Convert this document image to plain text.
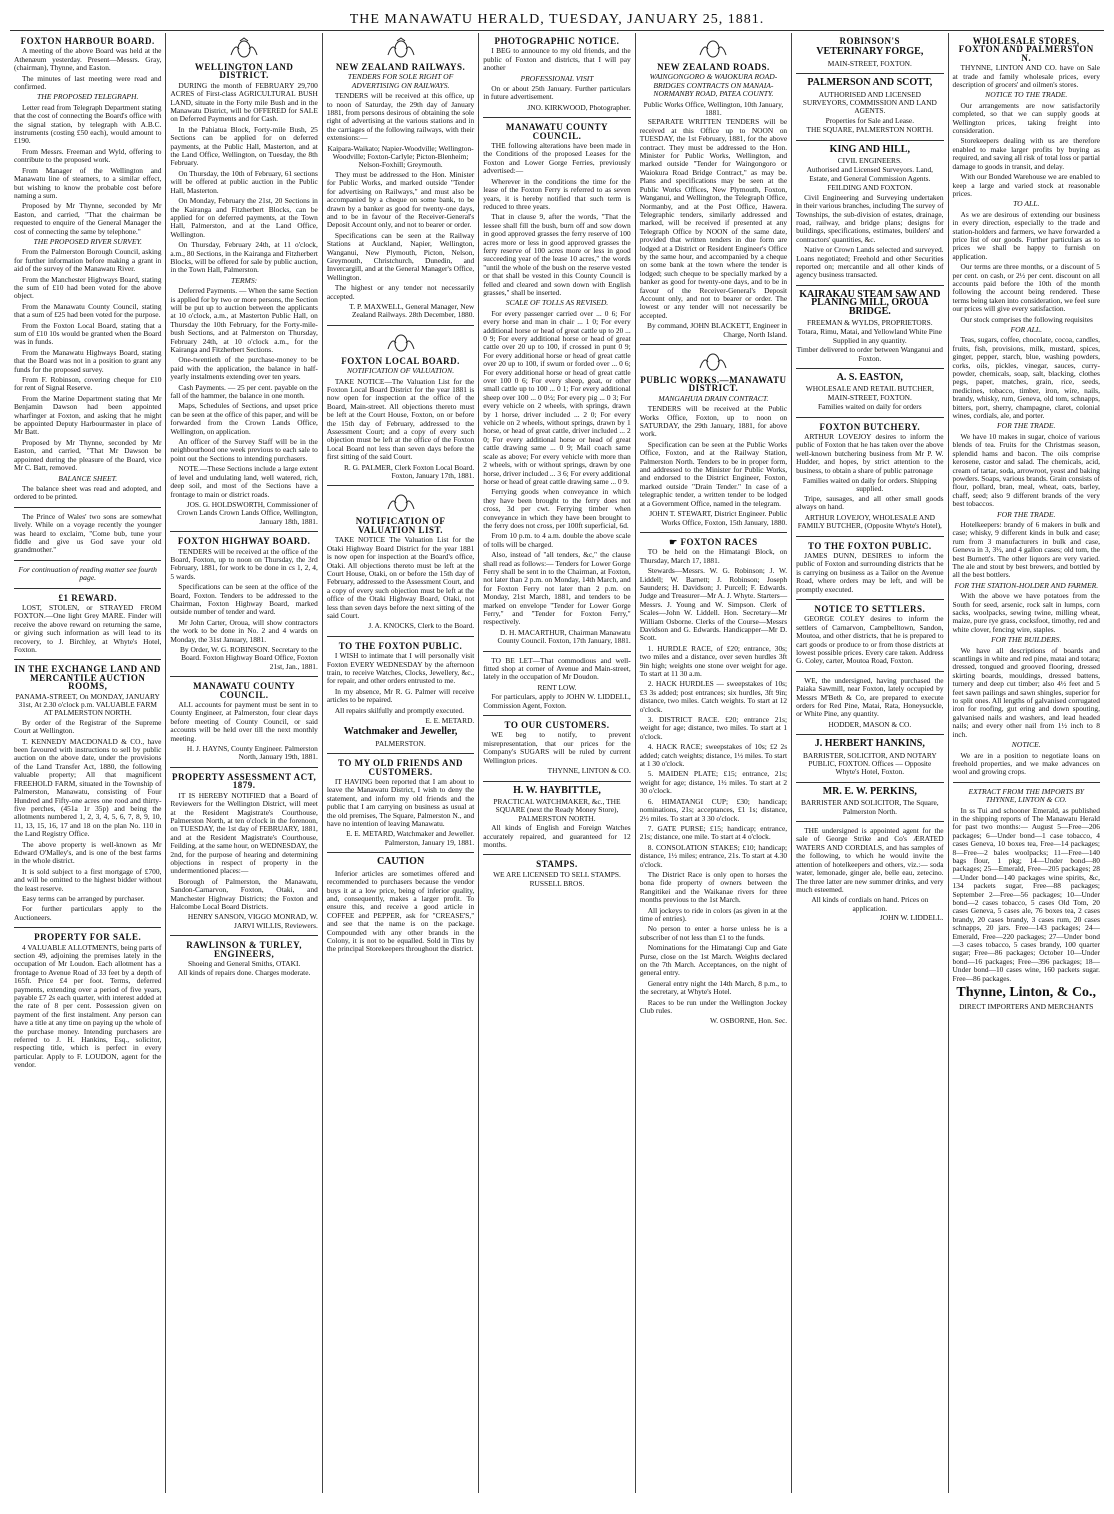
THE MANAWATU HERALD, TUESDAY, JANUARY 25, 1881.
FOXTON HARBOUR BOARD.

A meeting of the above Board was held at the Athenæum yesterday. Present—Messrs. Gray, (chairman), Thynne, and Easton.

The minutes of last meeting were read and confirmed.

THE PROPOSED TELEGRAPH.

Letter read from Telegraph Department stating that the cost of connecting the Board's office with the signal station, by telegraph with A.B.C. instruments (costing £50 each), would amount to £190.

From Messrs. Freeman and Wyld, offering to contribute to the proposed work.

From Manager of the Wellington and Manawatu line of steamers, to a similar effect, but wishing to know the probable cost before naming a sum.

Proposed by Mr Thynne, seconded by Mr Easton, and carried, "That the chairman be requested to enquire of the General Manager the cost of connecting the same by telephone."

THE PROPOSED RIVER SURVEY.

From the Palmerston Borough Council, asking for further information before making a grant in aid of the survey of the Manawatu River.

From the Manchester Highways Board, stating the sum of £10 had been voted for the above object.

From the Manawatu County Council, stating that a sum of £25 had been voted for the purpose.

From the Foxton Local Board, stating that a sum of £10 10s would be granted when the Board was in funds.

From the Manawatu Highways Board, stating that the Board was not in a position to grant any funds for the proposed survey.

From F. Robinson, covering cheque for £10 for rent of Signal Reserve.

From the Marine Department stating that Mr Benjamin Dawson had been appointed wharfinger at Foxton, and asking that he might be appointed Deputy Harbourmaster in place of Mr Batt.

Proposed by Mr Thynne, seconded by Mr Easton, and carried, "That Mr Dawson be appointed during the pleasure of the Board, vice Mr C. Batt, removed.

BALANCE SHEET.

The balance sheet was read and adopted, and ordered to be printed.

The Prince of Wales' two sons are somewhat lively. While on a voyage recently the younger was heard to exclaim, "Come bub, tune your fiddle and give us God save your old grandmother."

For continuation of reading matter see fourth page.

£1 REWARD.

LOST, STOLEN, or STRAYED FROM FOXTON.—One light Grey MARE. Finder will receive the above reward on returning the same, or giving such information as will lead to its recovery, to J. Birchley, at Whyte's Hotel, Foxton.

IN THE EXCHANGE LAND AND MERCANTILE AUCTION ROOMS,

PANAMA-STREET, On MONDAY, JANUARY 31st, At 2.30 o'clock p.m. VALUABLE FARM AT PALMERSTON NORTH.

By order of the Registrar of the Supreme Court at Wellington.

T. KENNEDY MACDONALD & CO., have been favoured with instructions to sell by public auction on the above date, under the provisions of the Land Transfer Act, 1880, the following valuable property; All that magnificent FREEHOLD FARM, situated in the Township of Palmerston, Manawatu, consisting of Four Hundred and Fifty-one acres one rood and thirty-five perches, (451a 1r 35p) and being the allotments numbered 1, 2, 3, 4, 5, 6, 7, 8, 9, 10, 11, 13, 15, 16, 17 and 18 on the plan No. 110 in the Land Registry Office.

The above property is well-known as Mr Edward O'Malley's, and is one of the best farms in the whole district.

It is sold subject to a first mortgage of £700, and will be omitted to the highest bidder without the least reserve.

Easy terms can be arranged by purchaser.

For further particulars apply to the Auctioneers.

PROPERTY FOR SALE.

4 VALUABLE ALLOTMENTS, being parts of section 49, adjoining the premises lately in the occupation of Mr Loudon. Each allotment has a frontage to Avenue Road of 33 feet by a depth of 165ft. Price £4 per foot. Terms, deferred payments, extending over a period of five years, payable £7 2s each quarter, with interest added at the rate of 8 per cent. Possession given on payment of the first instalment. Any person can have a title at any time on paying up the whole of the purchase money. Intending purchasers are referred to J. H. Hankins, Esq., solicitor, respecting title, which is perfect in every particular. Apply to F. LOUDON, agent for the vendor.

WELLINGTON LAND DISTRICT.

DURING the month of FEBRUARY 29,700 ACRES of First-class AGRICULTURAL BUSH LAND, situate in the Forty mile Bush and in the Manawatu District, will be OFFERED for SALE on Deferred Payments and for Cash.

In the Pahiatua Block, Forty-mile Bush, 25 Sections can be applied for on deferred payments, at the Public Hall, Masterton, and at the Land Office, Wellington, on Tuesday, the 8th February.

On Thursday, the 10th of February, 61 sections will be offered at public auction in the Public Hall, Masterton.

On Monday, February the 21st, 20 Sections in the Kairanga and Fitzherbert Blocks, can be applied for on deferred payments, at the Town Hall, Palmerston, and at the Land Office, Wellington.

On Thursday, February 24th, at 11 o'clock, a.m., 80 Sections, in the Kairanga and Fitzherbert Blocks, will be offered for sale by public auction, in the Town Hall, Palmerston.

TERMS:

Deferred Payments. — When the same Section is applied for by two or more persons, the Section will be put up to auction between the applicants at 10 o'clock, a.m., at Masterton Public Hall, on Thursday the 10th February, for the Forty-mile-bush Sections, and at Palmerston on Thursday, February 24th, at 10 o'clock a.m., for the Kairanga and Fitzherbert Sections.

One-twentieth of the purchase-money to be paid with the application, the balance in half-yearly instalments extending over ten years.

Cash Payments. — 25 per cent. payable on the fall of the hammer, the balance in one month.

Maps, Schedules of Sections, and upset price can be seen at the office of this paper, and will be forwarded from the Crown Lands Office, Wellington, on application.

An officer of the Survey Staff will be in the neighbourhood one week previous to each sale to point out the Sections to intending purchasers.

NOTE.—These Sections include a large extent of level and undulating land, well watered, rich, deep soil, and most of the Sections have a frontage to main or district roads.

JOS. G. HOLDSWORTH, Commissioner of Crown Lands Crown Lands Office, Wellington, January 18th, 1881.

FOXTON HIGHWAY BOARD.

TENDERS will be received at the office of the Board, Foxton, up to noon on Thursday, the 3rd February, 1881, for work to be done in cs 1, 2, 4, 5 wards.

Specifications can be seen at the office of the Board, Foxton. Tenders to be addressed to the Chairman, Foxton Highway Board, marked outside number of tender and ward.

Mr John Carter, Oroua, will show contractors the work to be done in No. 2 and 4 wards on Monday, the 31st January, 1881.

By Order, W. G. ROBINSON. Secretary to the Board. Foxton Highway Board Office, Foxton 21st, Jan., 1881.

MANAWATU COUNTY COUNCIL.

ALL accounts for payment must be sent in to County Engineer, at Palmerston, four clear days before meeting of County Council, or said accounts will be held over till the next monthly meeting.

H. J. HAYNS, County Engineer. Palmerston North, January 19th, 1881.

PROPERTY ASSESSMENT ACT, 1879.

IT IS HEREBY NOTIFIED that a Board of Reviewers for the Wellington District, will meet at the Resident Magistrate's Courthouse, Palmerston North, at ten o'clock in the forenoon, on TUESDAY, the 1st day of FEBRUARY, 1881, and at the Resident Magistrate's Courthouse, Feilding, at the same hour, on WEDNESDAY, the 2nd, for the purpose of hearing and determining objections in respect of property in the undermentioned places:—

Borough of Palmerston, the Manawatu, Sandon-Carnarvon, Foxton, Otaki, and Manchester Highway Districts; the Foxton and Halcombe Local Board Districts.

HENRY SANSON, VIGGO MONRAD, W. JARVI WILLIS, Reviewers.

RAWLINSON & TURLEY, ENGINEERS,

Shoeing and General Smiths, OTAKI.

All kinds of repairs done. Charges moderate.

NEW ZEALAND RAILWAYS.
TENDERS FOR SOLE RIGHT OF ADVERTISING ON RAILWAYS.

TENDERS will be received at this office, up to noon of Saturday, the 29th day of January 1881, from persons desirous of obtaining the sole right of advertising at the various stations and in the carriages of the following railways, with their extensions:—

Kaipara-Waikato; Napier-Woodville; Wellington-Woodville; Foxton-Carlyle; Picton-Blenheim; Nelson-Foxhill; Greymouth.

They must be addressed to the Hon. Minister for Public Works, and marked outside "Tender for advertising on Railways," and must also be accompanied by a cheque on some bank, to be drawn by a banker as good for twenty-one days, and to be in favour of the Receiver-General's Deposit Account only, and not to bearer or order.

Specifications can be seen at the Railway Stations at Auckland, Napier, Wellington, Wanganui, New Plymouth, Picton, Nelson, Greymouth, Christchurch, Dunedin, and Invercargill, and at the General Manager's Office, Wellington.

The highest or any tender not necessarily accepted.

T. P. MAXWELL, General Manager, New Zealand Railways. 28th December, 1880.

FOXTON LOCAL BOARD.
NOTIFICATION OF VALUATION.

TAKE NOTICE—The Valuation List for the Foxton Local Board District for the year 1881 is now open for inspection at the office of the Board, Main-street. All objections thereto must be left at the Court House, Foxton, on or before the 15th day of February, addressed to the Assessment Court; and a copy of every such objection must be left at the office of the Foxton Local Board not less than seven days before the first sitting of the said Court.

R. G. PALMER, Clerk Foxton Local Board. Foxton, January 17th, 1881.

NOTIFICATION OF VALUATION LIST.

TAKE NOTICE The Valuation List for the Otaki Highway Board District for the year 1881 is now open for inspection at the Board's office, Otaki. All objections thereto must be left at the Court House, Otaki, on or before the 15th day of February, addressed to the Assessment Court, and a copy of every such objection must be left at the office of the Otaki Highway Board, Otaki, not less than seven days before the next sitting of the said Court.

J. A. KNOCKS, Clerk to the Board.

TO THE FOXTON PUBLIC.

I WISH to intimate that I will personally visit Foxton EVERY WEDNESDAY by the afternoon train, to receive Watches, Clocks, Jewellery, &c., for repair, and other orders entrusted to me.

In my absence, Mr R. G. Palmer will receive articles to be repaired.

All repairs skilfully and promptly executed.

E. E. METARD.

Watchmaker and Jeweller,

PALMERSTON.

TO MY OLD FRIENDS AND CUSTOMERS.

IT HAVING been reported that I am about to leave the Manawatu District, I wish to deny the statement, and inform my old friends and the public that I am carrying on business as usual at the old premises, The Square, Palmerston N., and have no intention of leaving Manawatu.

E. E. METARD, Watchmaker and Jeweller. Palmerston, January 19, 1881.

CAUTION

Inferior articles are sometimes offered and recommended to purchasers because the vendor buys it at a low price, being of inferior quality, and, consequently, makes a larger profit. To ensure this, and receive a good article in COFFEE and PEPPER, ask for "CREASE'S," and see that the name is on the package. Compounded with any other brands in the Colony, it is not to be equalled. Sold in Tins by the principal Storekeepers throughout the district.

PHOTOGRAPHIC NOTICE.

I BEG to announce to my old friends, and the public of Foxton and districts, that I will pay another

PROFESSIONAL VISIT

On or about 25th January. Further particulars in future advertisement.

JNO. KIRKWOOD, Photographer.

MANAWATU COUNTY COUNCIL.

THE following alterations have been made in the Conditions of the proposed Leases for the Foxton and Lower Gorge Ferries, previously advertised:—

Wherever in the conditions the time for the lease of the Foxton Ferry is referred to as seven years, it is hereby notified that such term is reduced to three years.

That in clause 9, after the words, "That the lessee shall fill the bush, burn off and sow down in good approved grasses the ferry reserve of 100 acres more or less in good approved grasses the ferry reserve of 100 acres more or less in good succeeding year of the lease 10 acres," the words "until the whole of the bush on the reserve vested or that shall be vested in this County Council is felled and cleared and sown down with English grasses," shall be inserted.

SCALE OF TOLLS AS REVISED.

For every passenger carried over ... 0 6; For every horse and man in chair ... 1 0; For every additional horse or head of great cattle up to 20 ... 0 9; For every additional horse or head of great cattle over 20 up to 100, if crossed in punt 0 9; For every additional horse or head of great cattle over 20 up to 100, if swum or forded over ... 0 6; For every additional horse or head of great cattle over 100 0 6; For every sheep, goat, or other small cattle up to 100 ... 0 1; For every additional sheep over 100 ... 0 0½; For every pig ... 0 3; For every vehicle on 2 wheels, with springs, drawn by 1 horse, driver included ... 2 0; For every vehicle on 2 wheels, without springs, drawn by 1 horse, or head of great cattle, driver included ... 2 0; For every additional horse or head of great cattle drawing same ... 0 9; Mail coach same scale as above; For every vehicle with more than 2 wheels, with or without springs, drawn by one horse, driver included ... 3 6; For every additional horse or head of great cattle drawing same ... 0 9.

Ferrying goods when conveyance in which they have been brought to the ferry does not cross, 3d per cwt. Ferrying timber when conveyance in which they have been brought to the ferry does not cross, per 100ft superficial, 6d.

From 10 p.m. to 4 a.m. double the above scale of tolls will be charged.

Also, instead of "all tenders, &c," the clause shall read as follows:— Tenders for Lower Gorge Ferry shall be sent in to the Chairman, at Foxton, not later than 2 p.m. on Monday, 14th March, and for Foxton Ferry not later than 2 p.m. on Monday, 21st March, 1881, and tenders to be marked on envelope "Tender for Lower Gorge Ferry," and "Tender for Foxton Ferry," respectively.

D. H. MACARTHUR, Chairman Manawatu County Council. Foxton, 17th January, 1881.

TO BE LET—That commodious and well-fitted shop at corner of Avenue and Main-street, lately in the occupation of Mr Doudon.

RENT LOW.

For particulars, apply to JOHN W. LIDDELL, Commission Agent, Foxton.

TO OUR CUSTOMERS.

WE beg to notify, to prevent misrepresentation, that our prices for the Company's SUGARS will be ruled by current Wellington prices.

THYNNE, LINTON & CO.

H. W. HAYBITTLE,

PRACTICAL WATCHMAKER, &c., THE SQUARE (next the Ready Money Store), PALMERSTON NORTH.

All kinds of English and Foreign Watches accurately repaired, and guaranteed for 12 months.

STAMPS.

WE ARE LICENSED TO SELL STAMPS.

RUSSELL BROS.

NEW ZEALAND ROADS.
WAINGONGORO & WAIOKURA ROAD-BRIDGES CONTRACTS ON MANAIA-NORMANBY ROAD, PATEA COUNTY.

Public Works Office, Wellington, 10th January, 1881.

SEPARATE WRITTEN TENDERS will be received at this Office up to NOON on TUESDAY, the 1st February, 1881, for the above contract. They must be addressed to the Hon. Minister for Public Works, Wellington, and marked outside "Tender for Waingongoro or Waiokura Road Bridge Contract," as may be. Plans and specifications may be seen at the Public Works Offices, New Plymouth, Foxton, Wanganui, and Wellington, the Telegraph Office, Normanby, and at the Post Office, Hawera. Telegraphic tenders, similarly addressed and marked, will be received if presented at any Telegraph Office by NOON of the same date, provided that written tenders in due form are lodged at a District or Resident Engineer's Office by the same hour, and accompanied by a cheque on some bank at the town where the tender is lodged; such cheque to be specially marked by a banker as good for twenty-one days, and to be in favour of the Receiver-General's Deposit Account only, and not to bearer or order. The lowest or any tender will not necessarily be accepted.

By command, JOHN BLACKETT, Engineer in Charge, North Island.

PUBLIC WORKS.—MANAWATU DISTRICT.
MANGAHUIA DRAIN CONTRACT.

TENDERS will be received at the Public Works Office, Foxton, up to noon on SATURDAY, the 29th January, 1881, for above work.

Specification can be seen at the Public Works Office, Foxton, and at the Railway Station, Palmerston North. Tenders to be in proper form, and addressed to the Minister for Public Works, and endorsed to the District Engineer, Foxton, marked outside "Drain Tender." In case of a telegraphic tender, a written tender to be lodged at a Government Office, named in the telegram.

JOHN T. STEWART, District Engineer. Public Works Office, Foxton, 15th January, 1880.

☛ FOXTON RACES

TO be held on the Himatangi Block, on Thursday, March 17, 1881.

Stewards—Messrs. W. G. Robinson; J. W. Liddell; W. Barnett; J. Robinson; Joseph Saunders; H. Davidson; J. Purcell; F. Edwards. Judge and Treasurer—Mr A. J. Whyte. Starters—Messrs. J. Young and W. Simpson. Clerk of Scales—John W. Liddell. Hon. Secretary—Mr William Osborne. Clerks of the Course—Messrs Davidson and G. Edwards. Handicapper—Mr D. Scott.

1. HURDLE RACE, of £20; entrance, 30s; two miles and a distance, over seven hurdles 3ft 9in high; weights one stone over weight for age. To start at 11 30 a.m.

2. HACK HURDLES — sweepstakes of 10s; £3 3s added; post entrances; six hurdles, 3ft 9in; distance, two miles. Catch weights. To start at 12 o'clock.

3. DISTRICT RACE. £20; entrance 21s; weight for age; distance, two miles. To start at 1 o'clock.

4. HACK RACE; sweepstakes of 10s; £2 2s added; catch weights; distance, 1½ miles. To start at 1 30 o'clock.

5. MAIDEN PLATE; £15; entrance, 21s; weight for age; distance, 1½ miles. To start at 2 30 o'clock.

6. HIMATANGI CUP; £30; handicap; nominations, 21s; acceptances, £1 1s; distance, 2½ miles. To start at 3 30 o'clock.

7. GATE PURSE; £15; handicap; entrance, 21s; distance, one mile. To start at 4 o'clock.

8. CONSOLATION STAKES; £10; handicap; distance, 1½ miles; entrance, 21s. To start at 4.30 o'clock.

The District Race is only open to horses the bona fide property of owners between the Rangitikei and the Waikanae rivers for three months previous to the 1st March.

All jockeys to ride in colors (as given in at the time of entries).

No person to enter a horse unless he is a subscriber of not less than £1 to the funds.

Nominations for the Himatangi Cup and Gate Purse, close on the 1st March. Weights declared on the 7th March. Acceptances, on the night of general entry.

General entry night the 14th March, 8 p.m., to the secretary, at Whyte's Hotel.

Races to be run under the Wellington Jockey Club rules.

W. OSBORNE, Hon. Sec.

ROBINSON'S
VETERINARY FORGE,

MAIN-STREET, FOXTON.

PALMERSON AND SCOTT,

AUTHORISED AND LICENSED SURVEYORS, COMMISSION AND LAND AGENTS.

Properties for Sale and Lease.

THE SQUARE, PALMERSTON NORTH.

KING AND HILL,

CIVIL ENGINEERS.

Authorised and Licensed Surveyors. Land, Estate, and General Commission Agents.

FEILDING AND FOXTON.

Civil Engineering and Surveying undertaken in their various branches, including The survey of Townships, the sub-division of estates, drainage, road, railway, and bridge plans; designs for buildings, specifications, estimates, builders' and contractors' quantities, &c.

Native or Crown Lands selected and surveyed. Loans negotiated; Freehold and other Securities reported on; mercantile and all other kinds of agency business transacted.

KAIRAKAU STEAM SAW AND PLANING MILL, OROUA BRIDGE.

FREEMAN & WYLDS, PROPRIETORS.

Totara, Rimu, Matai, and Yellowland White Pine Supplied in any quantity.

Timber delivered to order between Wanganui and Foxton.

A. S. EASTON,

WHOLESALE AND RETAIL BUTCHER, MAIN-STREET, FOXTON.

Families waited on daily for orders

FOXTON BUTCHERY.

ARTHUR LOVEJOY desires to inform the public of Foxton that he has taken over the above well-known butchering business from Mr P. W. Hudder, and hopes, by strict attention to the business, to obtain a share of public patronage

Families waited on daily for orders. Shipping supplied.

Tripe, sausages, and all other small goods always on hand.

ARTHUR LOVEJOY, WHOLESALE AND FAMILY BUTCHER, (Opposite Whyte's Hotel),

TO THE FOXTON PUBLIC.

JAMES DUNN, DESIRES to inform the public of Foxton and surrounding districts that he is carrying on business as a Tailor on the Avenue Road, where orders may be left, and will be promptly executed.

NOTICE TO SETTLERS.

GEORGE COLEY desires to inform the settlers of Carnarvon, Campbelltown, Sandon, Moutoa, and other districts, that he is prepared to cart goods or produce to or from those districts at lowest possible prices. Every care taken. Address G. Coley, carter, Moutoa Road, Foxton.

WE, the undersigned, having purchased the Paiaka Sawmill, near Foxton, lately occupied by Messrs M'Beth & Co, are prepared to execute orders for Red Pine, Matai, Rata, Honeysuckle, or White Pine, any quantity.

HODDER, MASON & CO.

J. HERBERT HANKINS,

BARRISTER, SOLICITOR, AND NOTARY PUBLIC, FOXTON. Offices — Opposite Whyte's Hotel, Foxton.

MR. E. W. PERKINS,

BARRISTER AND SOLICITOR, The Square, Palmerston North.

THE undersigned is appointed agent for the sale of George Strike and Co's ÆRATED WATERS AND CORDIALS, and has samples of the following, to which he would invite the attention of hotelkeepers and others, viz.:— soda water, lemonade, ginger ale, belle eau, zetecino. The three latter are new summer drinks, and very much esteemed.

All kinds of cordials on hand. Prices on application.

JOHN W. LIDDELL.

WHOLESALE STORES, FOXTON AND PALMERSTON N.

THYNNE, LINTON AND CO. have on Sale at trade and family wholesale prices, every description of grocers' and oilmen's stores.

NOTICE TO THE TRADE.

Our arrangements are now satisfactorily completed, so that we can supply goods at Wellington prices, taking freight into consideration.

Storekeepers dealing with us are therefore enabled to make larger profits by buying as required, and saving all risk of total loss or partial damage to goods in transit, and delay.

With our Bonded Warehouse we are enabled to keep a large and varied stock at reasonable prices.

TO ALL.

As we are desirous of extending our business in every direction, especially to the trade and station-holders and farmers, we have forwarded a price list of our goods. Further particulars as to prices we shall be happy to furnish on application.

Our terms are three months, or a discount of 5 per cent. on cash, or 2½ per cent. discount on all accounts paid before the 10th of the month following the account being rendered. These terms being taken into consideration, we feel sure our prices will give every satisfaction.

Our stock comprises the following requisites

FOR ALL.

Teas, sugars, coffee, chocolate, cocoa, candles, fruits, fish, provisions, milk, mustard, spices, ginger, pepper, starch, blue, washing powders, corks, oils, pickles, vinegar, sauces, curry-powder, chemicals, soap, salt, blacking, clothes pegs, paper, matches, grain, rice, seeds, medicines, tobacco, timber, iron, wire, nails, brandy, whisky, rum, Geneva, old tom, schnapps, bitters, port, sherry, champagne, claret, colonial wines, cordials, ale, and porter.

FOR THE TRADE.

We have 10 makes in sugar, choice of various blends of tea. Fruits for the Christmas season, splendid hams and bacon. The oils comprise kerosene, castor and salad. The chemicals, acid, cream of tartar, soda, arrowroot, yeast and baking powders. Soaps, various brands. Grain consists of flour, pollard, bran, meal, wheat, oats, barley, chaff, seed; also 9 different brands of the very best tobaccos.

FOR THE TRADE.

Hotelkeepers: brandy of 6 makers in bulk and case; whisky, 9 different kinds in bulk and case; rum from 3 manufacturers in bulk and case, Geneva in 3, 3½, and 4 gallon cases; old tom, the best Burnett's. The other liquors are very varied. The ale and stout by best brewers, and bottled by all the best bottlers.

FOR THE STATION-HOLDER AND FARMER.

With the above we have potatoes from the South for seed, arsenic, rock salt in lumps, corn sacks, woolpacks, sewing twine, milling wheat, maize, pure rye grass, cocksfoot, timothy, red and white clover, fencing wire, staples.

FOR THE BUILDERS.

We have all descriptions of boards and scantlings in white and red pine, matai and totara; dressed, tongued and grooved flooring, dressed skirting boards, mouldings, dressed battens, turnery and deep cut timber; also 4½ feet and 5 feet sawn pailings and sawn shingles, superior for to split ones. All lengths of galvanised corrugated iron for roofing, gut ering and down spouting, galvanised nails and washers, and lead headed nails; and every other nail from 1½ inch to 8 inch.

NOTICE.

We are in a position to negotiate loans on freehold properties, and we make advances on wool and growing crops.

EXTRACT FROM THE IMPORTS BY THYNNE, LINTON & CO.

In ss Tui and schooner Emerald, as published in the shipping reports of The Manawatu Herald for past two months:— August 5—Free—206 packages; 6—Under bond—1 case tobacco, 4 cases Geneva, 10 boxes tea, Free—14 packages; 8—Free—2 bales woolpacks; 11—Free—140 bags flour, 1 pkg; 14—Under bond—80 packages; 25—Emerald, Free—205 packages; 28—Under bond—140 packages wine spirits, &c, 134 packets sugar, Free—88 packages; September 2—Free—56 packages; 10—Under bond—2 cases tobacco, 5 cases Old Tom, 20 cases Geneva, 5 cases ale, 76 boxes tea, 2 cases brandy, 20 cases brandy, 3 cases rum, 20 cases schnapps, 20 jars. Free—143 packages; 24—Emerald, Free—220 packages; 27—Under bond—3 cases tobacco, 5 cases brandy, 100 quarter sugar; Free—86 packages; October 10—Under bond—16 packages; Free—396 packages; 18—Under bond—10 cases wine, 160 packets sugar. Free—86 packages.

Thynne, Linton, & Co.,

DIRECT IMPORTERS AND MERCHANTS
